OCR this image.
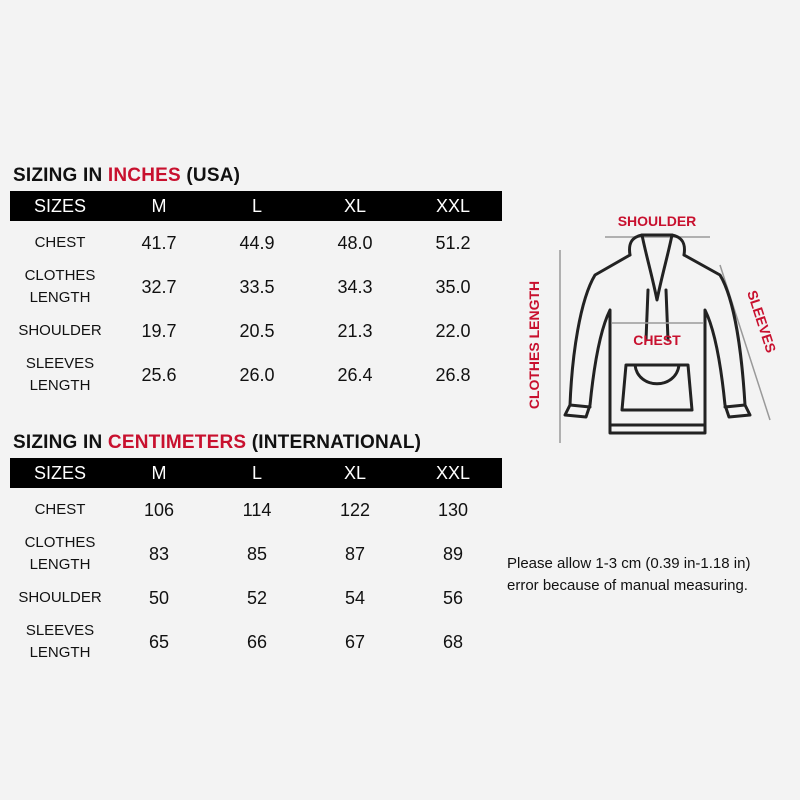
SIZING IN INCHES (USA)
SIZES	M	L	XL	XXL
CHEST	41.7	44.9	48.0	51.2
CLOTHES
LENGTH	32.7	33.5	34.3	35.0
SHOULDER	19.7	20.5	21.3	22.0
SLEEVES
LENGTH	25.6	26.0	26.4	26.8
SIZING IN CENTIMETERS (INTERNATIONAL)
SIZES	M	L	XL	XXL
CHEST	106	114	122	130
CLOTHES
LENGTH	83	85	87	89
SHOULDER	50	52	54	56
SLEEVES
LENGTH	65	66	67	68
SHOULDER
CLOTHES LENGTH	SLEEVES
CHEST
Please allow 1-3 cm (0.39 in-1.18 in)
error because of manual measuring.
